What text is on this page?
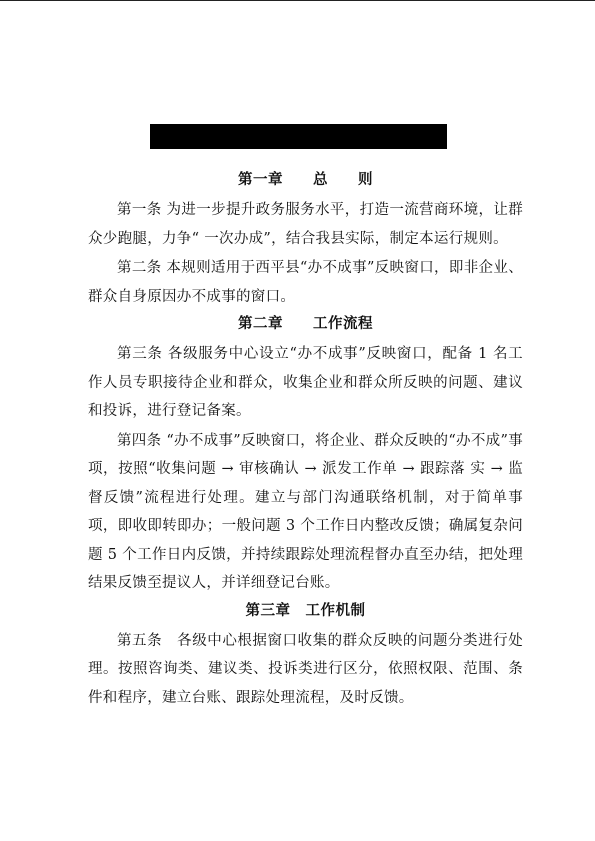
第一章　　总　　则

第一条 为进一步提升政务服务水平，打造一流营商环境，让群众少跑腿，力争“ 一次办成”，结合我县实际，制定本运行规则。

第二条 本规则适用于西平县“办不成事”反映窗口，即非企业、群众自身原因办不成事的窗口。

第二章　　工作流程

第三条 各级服务中心设立“办不成事”反映窗口，配备 1 名工作人员专职接待企业和群众，收集企业和群众所反映的问题、建议和投诉，进行登记备案。

第四条 “办不成事”反映窗口，将企业、群众反映的“办不成”事项，按照“收集问题 → 审核确认 → 派发工作单 → 跟踪落 实 → 监督反馈”流程进行处理。建立与部门沟通联络机制，对于简单事项，即收即转即办；一般问题 3 个工作日内整改反馈；确属复杂问题 5 个工作日内反馈，并持续跟踪处理流程督办直至办结，把处理结果反馈至提议人，并详细登记台账。

第三章　工作机制

第五条　各级中心根据窗口收集的群众反映的问题分类进行处理。按照咨询类、建议类、投诉类进行区分，依照权限、范围、条件和程序，建立台账、跟踪处理流程，及时反馈。
